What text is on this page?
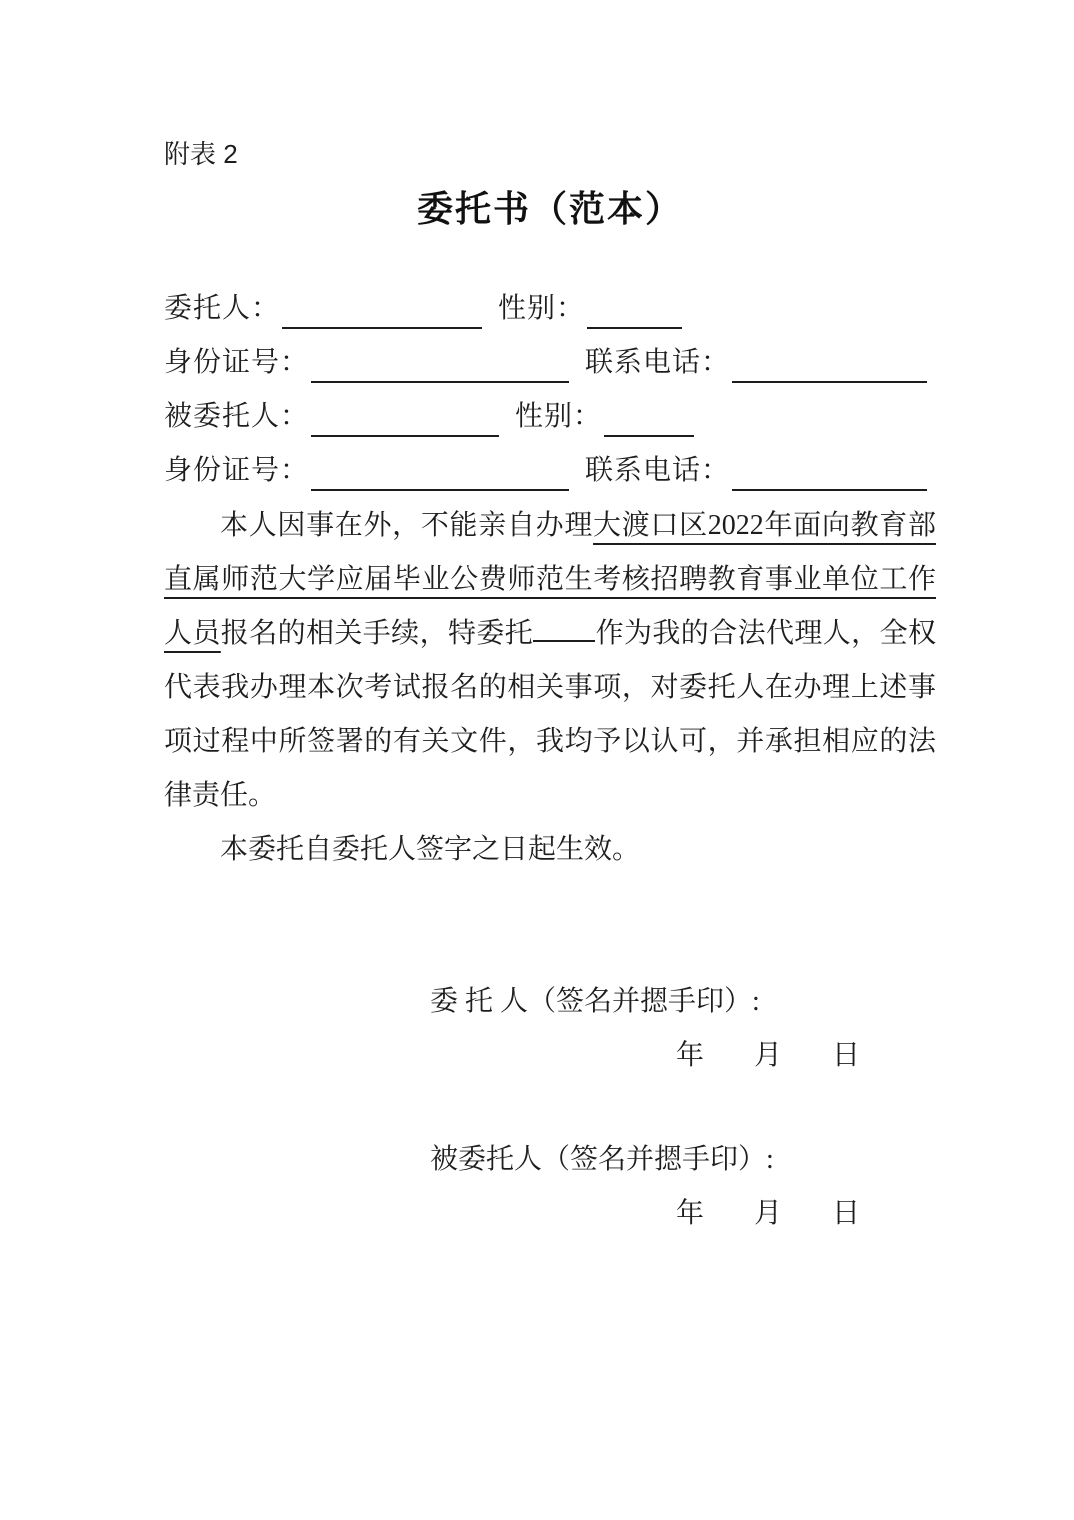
附表 2
委托书（范本）
委托人：	性别：
身份证号：	联系电话：
被委托人：	性别：
身份证号：	联系电话：

本人因事在外，不能亲自办理大渡口区2022年面向教育部直属师范大学应届毕业公费师范生考核招聘教育事业单位工作人员报名的相关手续，特委托 作为我的合法代理人，全权代表我办理本次考试报名的相关事项，对委托人在办理上述事项过程中所签署的有关文件，我均予以认可，并承担相应的法律责任。

本委托自委托人签字之日起生效。

委 托 人（签名并摁手印）:
年 月 日
被委托人（签名并摁手印）:
年 月 日
